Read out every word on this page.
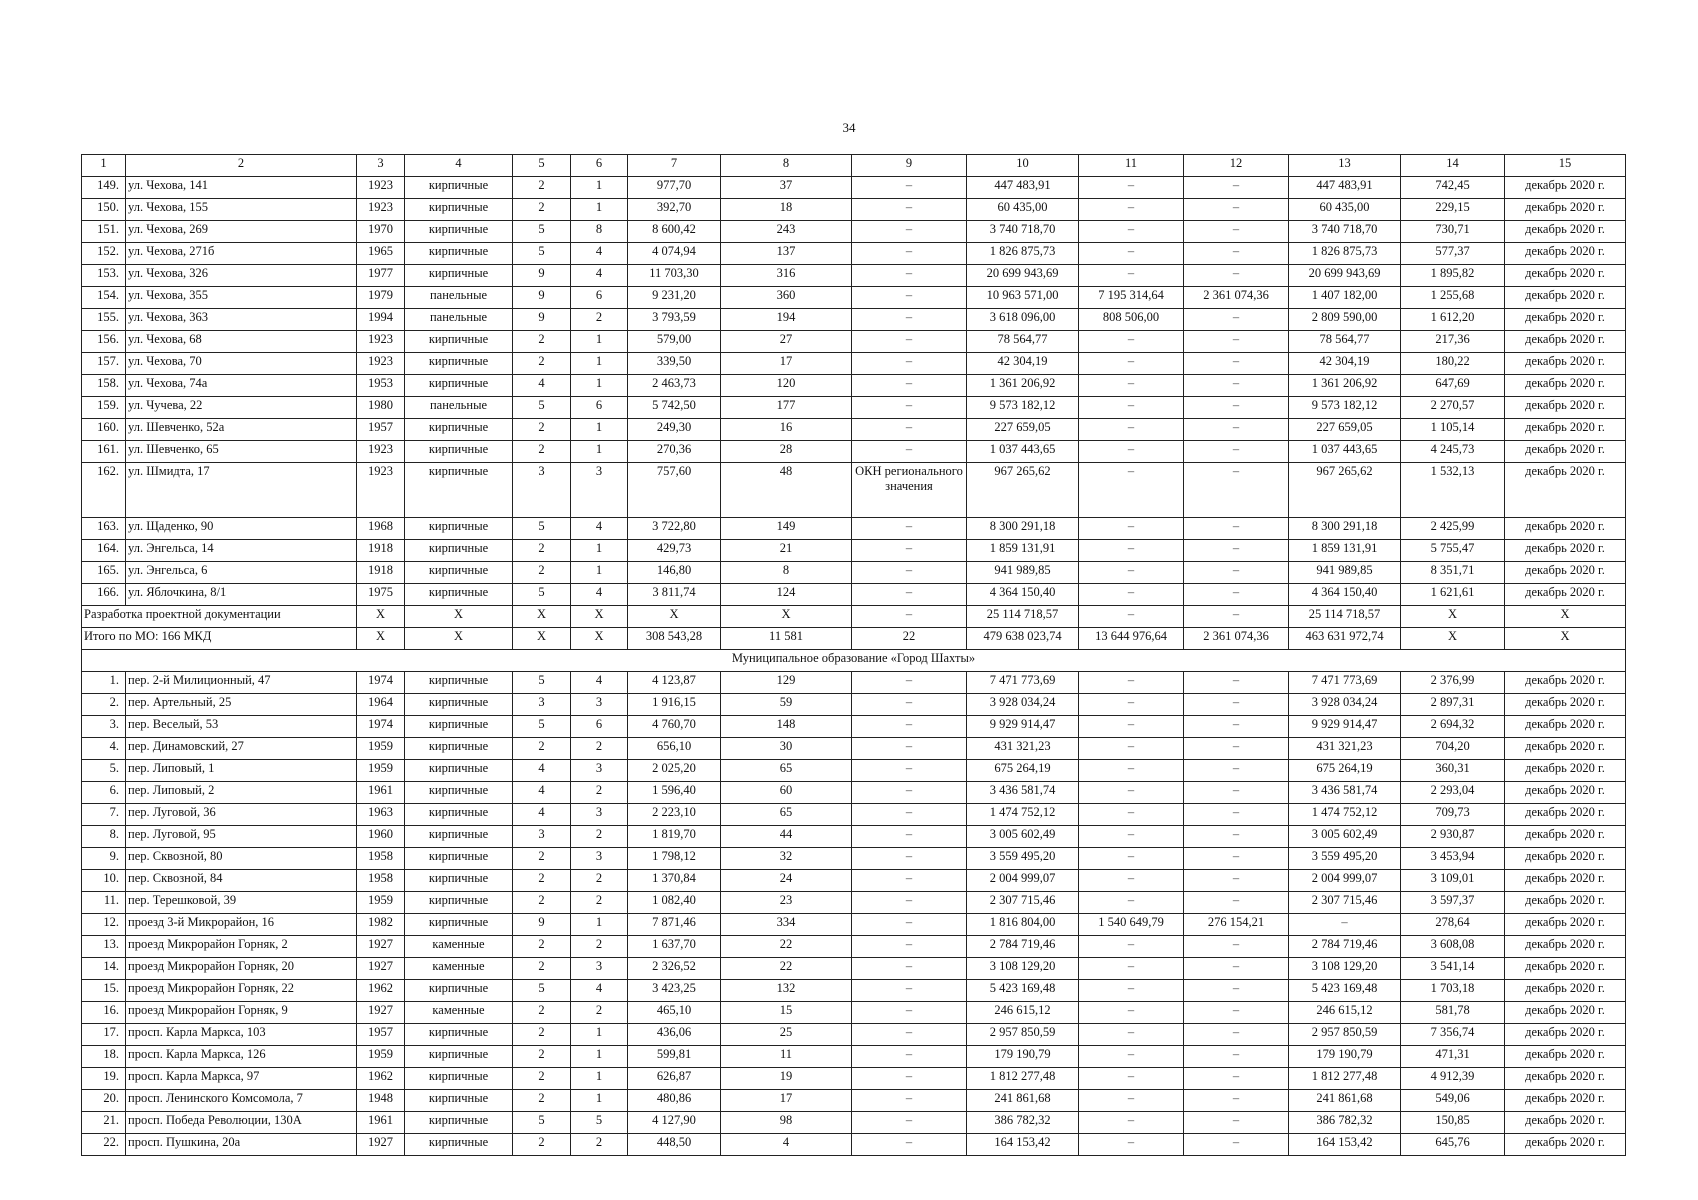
34
1	2	3	4	5	6	7	8	9	10	11	12	13	14	15
149.	ул. Чехова, 141	1923	кирпичные	2	1	977,70	37	–	447 483,91	–	–	447 483,91	742,45	декабрь 2020 г.
150.	ул. Чехова, 155	1923	кирпичные	2	1	392,70	18	–	60 435,00	–	–	60 435,00	229,15	декабрь 2020 г.
151.	ул. Чехова, 269	1970	кирпичные	5	8	8 600,42	243	–	3 740 718,70	–	–	3 740 718,70	730,71	декабрь 2020 г.
152.	ул. Чехова, 271б	1965	кирпичные	5	4	4 074,94	137	–	1 826 875,73	–	–	1 826 875,73	577,37	декабрь 2020 г.
153.	ул. Чехова, 326	1977	кирпичные	9	4	11 703,30	316	–	20 699 943,69	–	–	20 699 943,69	1 895,82	декабрь 2020 г.
154.	ул. Чехова, 355	1979	панельные	9	6	9 231,20	360	–	10 963 571,00	7 195 314,64	2 361 074,36	1 407 182,00	1 255,68	декабрь 2020 г.
155.	ул. Чехова, 363	1994	панельные	9	2	3 793,59	194	–	3 618 096,00	808 506,00	–	2 809 590,00	1 612,20	декабрь 2020 г.
156.	ул. Чехова, 68	1923	кирпичные	2	1	579,00	27	–	78 564,77	–	–	78 564,77	217,36	декабрь 2020 г.
157.	ул. Чехова, 70	1923	кирпичные	2	1	339,50	17	–	42 304,19	–	–	42 304,19	180,22	декабрь 2020 г.
158.	ул. Чехова, 74а	1953	кирпичные	4	1	2 463,73	120	–	1 361 206,92	–	–	1 361 206,92	647,69	декабрь 2020 г.
159.	ул. Чучева, 22	1980	панельные	5	6	5 742,50	177	–	9 573 182,12	–	–	9 573 182,12	2 270,57	декабрь 2020 г.
160.	ул. Шевченко, 52а	1957	кирпичные	2	1	249,30	16	–	227 659,05	–	–	227 659,05	1 105,14	декабрь 2020 г.
161.	ул. Шевченко, 65	1923	кирпичные	2	1	270,36	28	–	1 037 443,65	–	–	1 037 443,65	4 245,73	декабрь 2020 г.
162.	ул. Шмидта, 17	1923	кирпичные	3	3	757,60	48	ОКН регионального значения	967 265,62	–	–	967 265,62	1 532,13	декабрь 2020 г.
163.	ул. Щаденко, 90	1968	кирпичные	5	4	3 722,80	149	–	8 300 291,18	–	–	8 300 291,18	2 425,99	декабрь 2020 г.
164.	ул. Энгельса, 14	1918	кирпичные	2	1	429,73	21	–	1 859 131,91	–	–	1 859 131,91	5 755,47	декабрь 2020 г.
165.	ул. Энгельса, 6	1918	кирпичные	2	1	146,80	8	–	941 989,85	–	–	941 989,85	8 351,71	декабрь 2020 г.
166.	ул. Яблочкина, 8/1	1975	кирпичные	5	4	3 811,74	124	–	4 364 150,40	–	–	4 364 150,40	1 621,61	декабрь 2020 г.
Разработка проектной документации		X	X	X	X	X	X	–	25 114 718,57	–	–	25 114 718,57	X	X
Итого по МО: 166 МКД		X	X	X	X	308 543,28	11 581	22	479 638 023,74	13 644 976,64	2 361 074,36	463 631 972,74	X	X
Муниципальное образование «Город Шахты»														
1.	пер. 2-й Милиционный, 47	1974	кирпичные	5	4	4 123,87	129	–	7 471 773,69	–	–	7 471 773,69	2 376,99	декабрь 2020 г.
2.	пер. Артельный, 25	1964	кирпичные	3	3	1 916,15	59	–	3 928 034,24	–	–	3 928 034,24	2 897,31	декабрь 2020 г.
3.	пер. Веселый, 53	1974	кирпичные	5	6	4 760,70	148	–	9 929 914,47	–	–	9 929 914,47	2 694,32	декабрь 2020 г.
4.	пер. Динамовский, 27	1959	кирпичные	2	2	656,10	30	–	431 321,23	–	–	431 321,23	704,20	декабрь 2020 г.
5.	пер. Липовый, 1	1959	кирпичные	4	3	2 025,20	65	–	675 264,19	–	–	675 264,19	360,31	декабрь 2020 г.
6.	пер. Липовый, 2	1961	кирпичные	4	2	1 596,40	60	–	3 436 581,74	–	–	3 436 581,74	2 293,04	декабрь 2020 г.
7.	пер. Луговой, 36	1963	кирпичные	4	3	2 223,10	65	–	1 474 752,12	–	–	1 474 752,12	709,73	декабрь 2020 г.
8.	пер. Луговой, 95	1960	кирпичные	3	2	1 819,70	44	–	3 005 602,49	–	–	3 005 602,49	2 930,87	декабрь 2020 г.
9.	пер. Сквозной, 80	1958	кирпичные	2	3	1 798,12	32	–	3 559 495,20	–	–	3 559 495,20	3 453,94	декабрь 2020 г.
10.	пер. Сквозной, 84	1958	кирпичные	2	2	1 370,84	24	–	2 004 999,07	–	–	2 004 999,07	3 109,01	декабрь 2020 г.
11.	пер. Терешковой, 39	1959	кирпичные	2	2	1 082,40	23	–	2 307 715,46	–	–	2 307 715,46	3 597,37	декабрь 2020 г.
12.	проезд 3-й Микрорайон, 16	1982	кирпичные	9	1	7 871,46	334	–	1 816 804,00	1 540 649,79	276 154,21	–	278,64	декабрь 2020 г.
13.	проезд Микрорайон Горняк, 2	1927	каменные	2	2	1 637,70	22	–	2 784 719,46	–	–	2 784 719,46	3 608,08	декабрь 2020 г.
14.	проезд Микрорайон Горняк, 20	1927	каменные	2	3	2 326,52	22	–	3 108 129,20	–	–	3 108 129,20	3 541,14	декабрь 2020 г.
15.	проезд Микрорайон Горняк, 22	1962	кирпичные	5	4	3 423,25	132	–	5 423 169,48	–	–	5 423 169,48	1 703,18	декабрь 2020 г.
16.	проезд Микрорайон Горняк, 9	1927	каменные	2	2	465,10	15	–	246 615,12	–	–	246 615,12	581,78	декабрь 2020 г.
17.	просп. Карла Маркса, 103	1957	кирпичные	2	1	436,06	25	–	2 957 850,59	–	–	2 957 850,59	7 356,74	декабрь 2020 г.
18.	просп. Карла Маркса, 126	1959	кирпичные	2	1	599,81	11	–	179 190,79	–	–	179 190,79	471,31	декабрь 2020 г.
19.	просп. Карла Маркса, 97	1962	кирпичные	2	1	626,87	19	–	1 812 277,48	–	–	1 812 277,48	4 912,39	декабрь 2020 г.
20.	просп. Ленинского Комсомола, 7	1948	кирпичные	2	1	480,86	17	–	241 861,68	–	–	241 861,68	549,06	декабрь 2020 г.
21.	просп. Победа Революции, 130А	1961	кирпичные	5	5	4 127,90	98	–	386 782,32	–	–	386 782,32	150,85	декабрь 2020 г.
22.	просп. Пушкина, 20а	1927	кирпичные	2	2	448,50	4	–	164 153,42	–	–	164 153,42	645,76	декабрь 2020 г.
